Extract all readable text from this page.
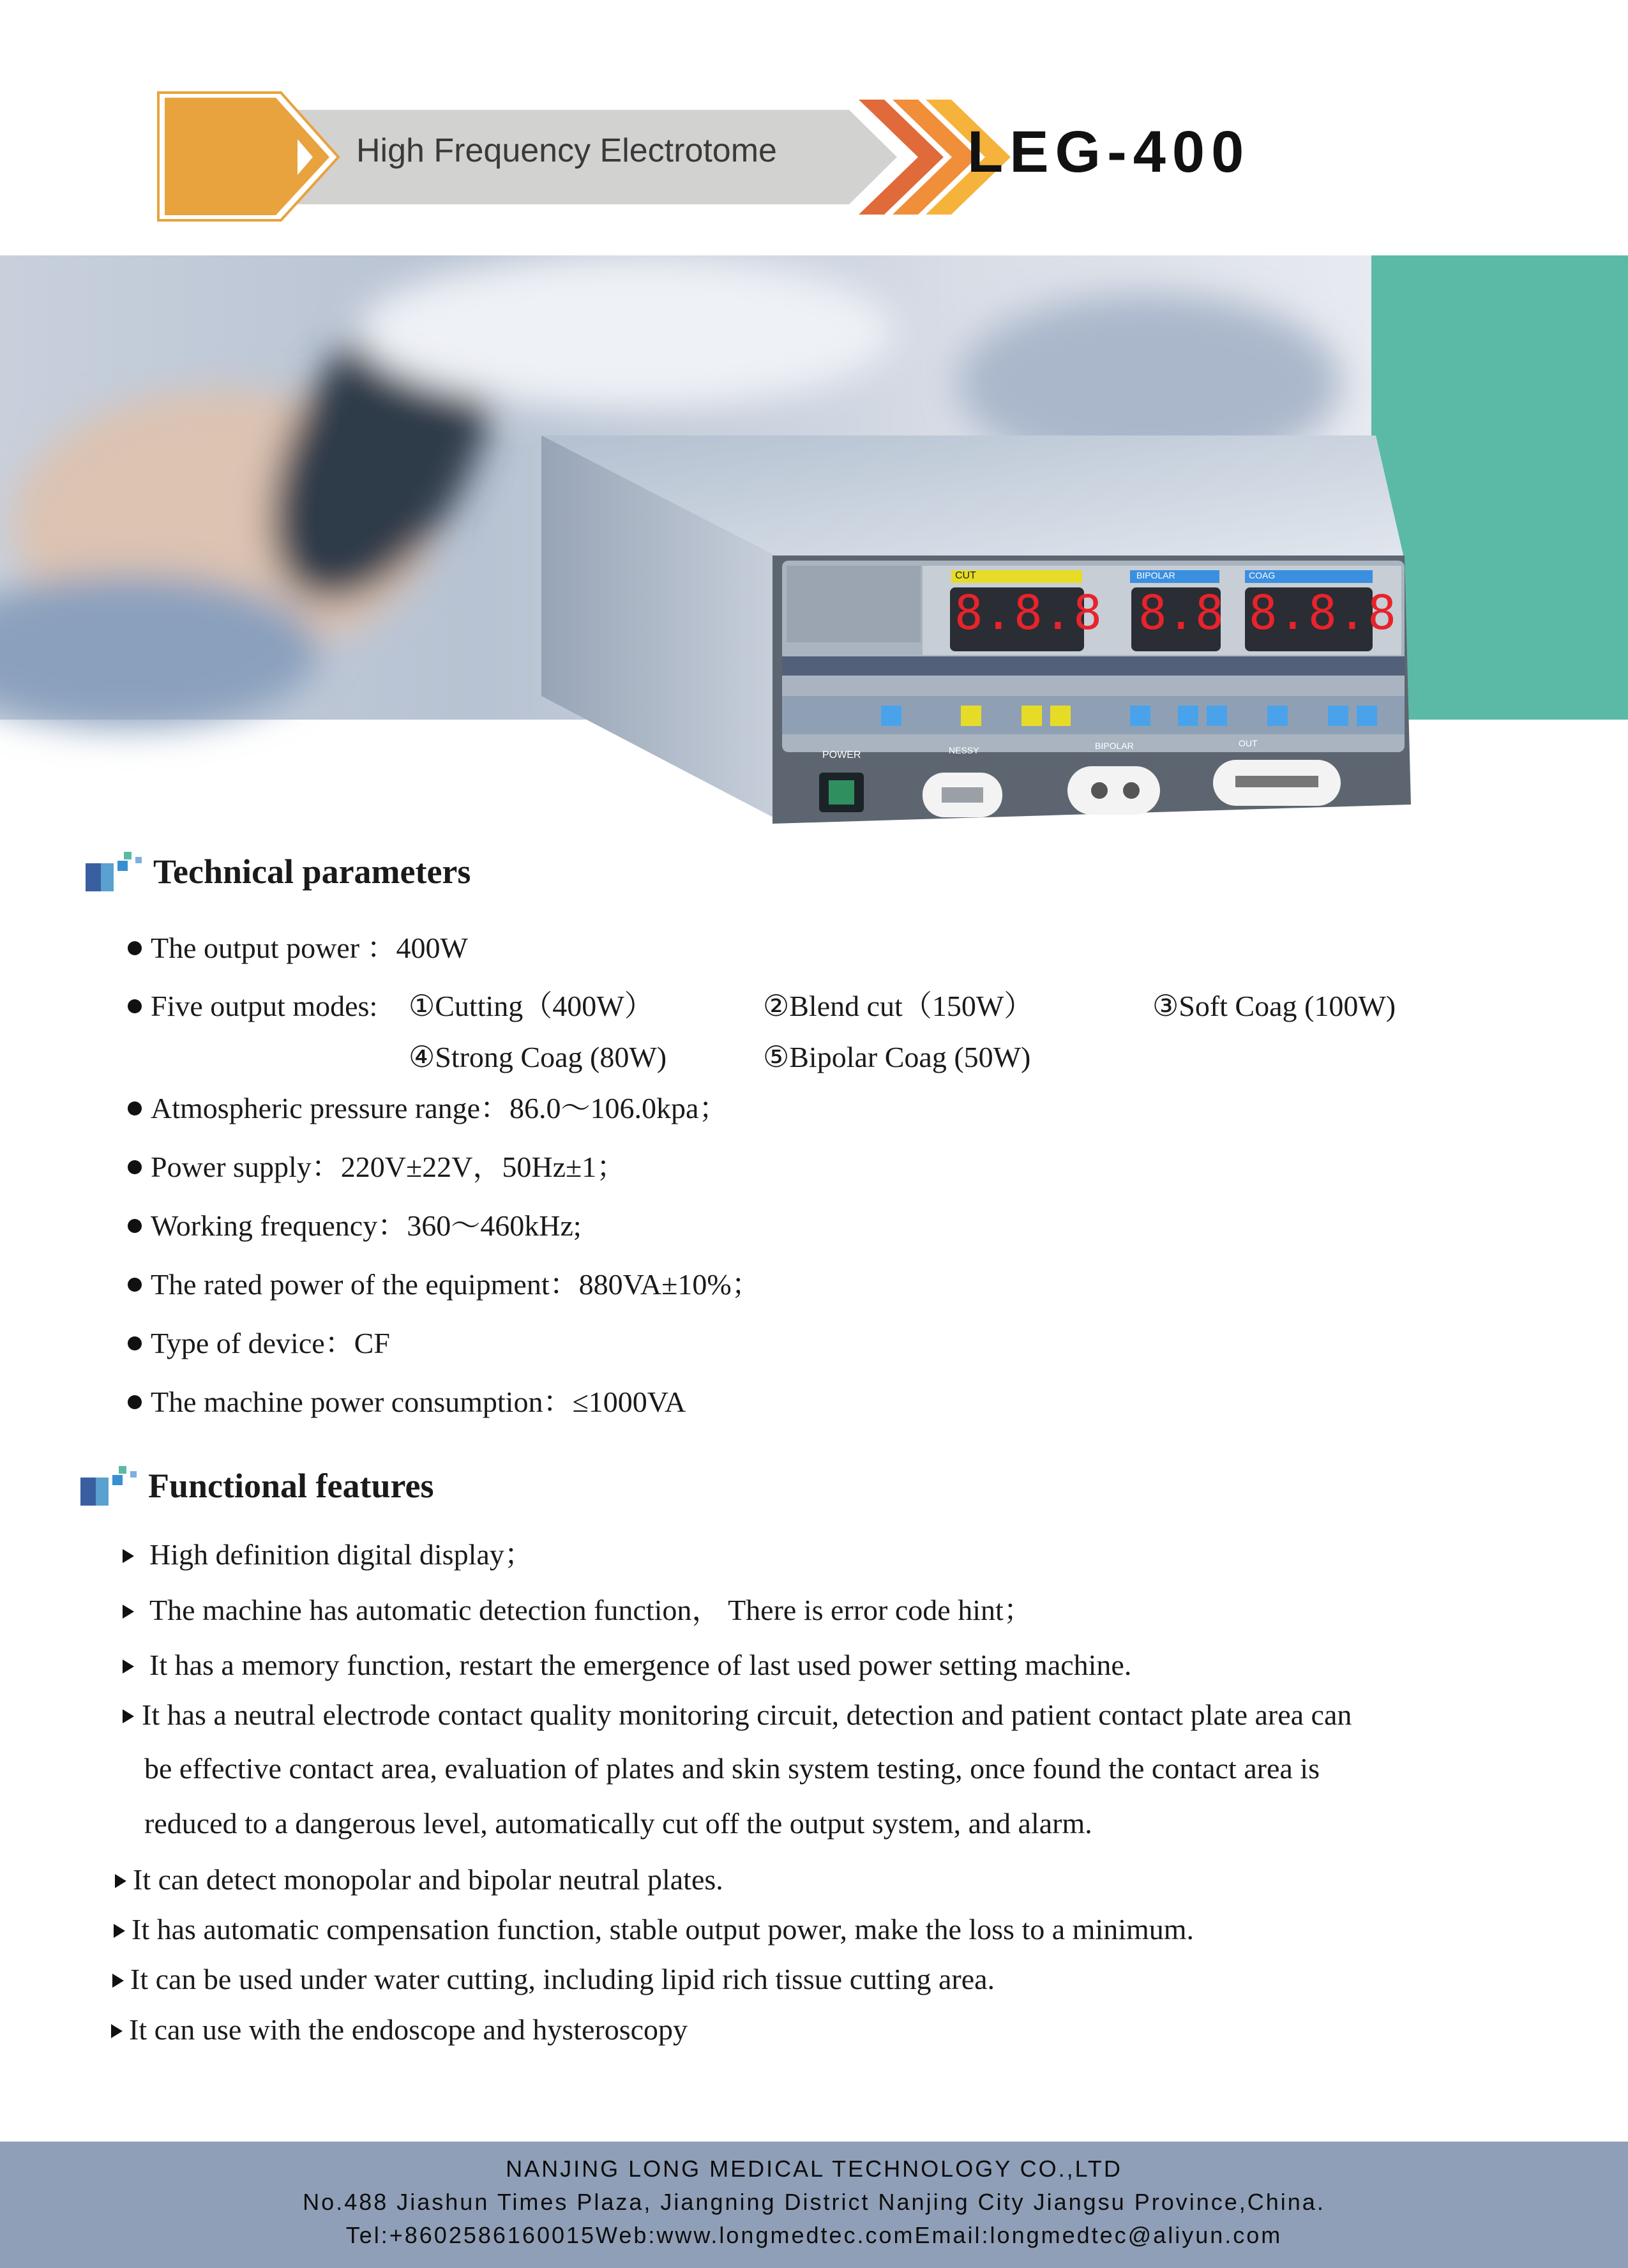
High Frequency Electrotome	LEG-400
CUT	BIPOLAR	COAG
8.8.8 8.8 8.8.8
POWER	NESSY	BIPOLAR	OUT
Technical parameters
The output power ：400W
Five output modes: ①Cutting（400W）	②Blend cut（150W）	③Soft Coag (100W)
④Strong Coag (80W)	⑤Bipolar Coag (50W)
Atmospheric pressure range：86.0～106.0kpa；
Power supply：220V±22V，50Hz±1；
Working frequency：360～460kHz;
The rated power of the equipment：880VA±10%；
Type of device：CF
The machine power consumption：≤1000VA
Functional features
High definition digital display；
The machine has automatic detection function， There is error code hint；
It has a memory function, restart the emergence of last used power setting machine.
It has a neutral electrode contact quality monitoring circuit, detection and patient contact plate area can
be effective contact area, evaluation of plates and skin system testing, once found the contact area is
reduced to a dangerous level, automatically cut off the output system, and alarm.
It can detect monopolar and bipolar neutral plates.
It has automatic compensation function, stable output power, make the loss to a minimum.
It can be used under water cutting, including lipid rich tissue cutting area.
It can use with the endoscope and hysteroscopy
NANJING LONG MEDICAL TECHNOLOGY CO.,LTD
No.488 Jiashun Times Plaza, Jiangning District Nanjing City Jiangsu Province,China.
Tel:+8602586160015Web:www.longmedtec.comEmail:longmedtec@aliyun.com
